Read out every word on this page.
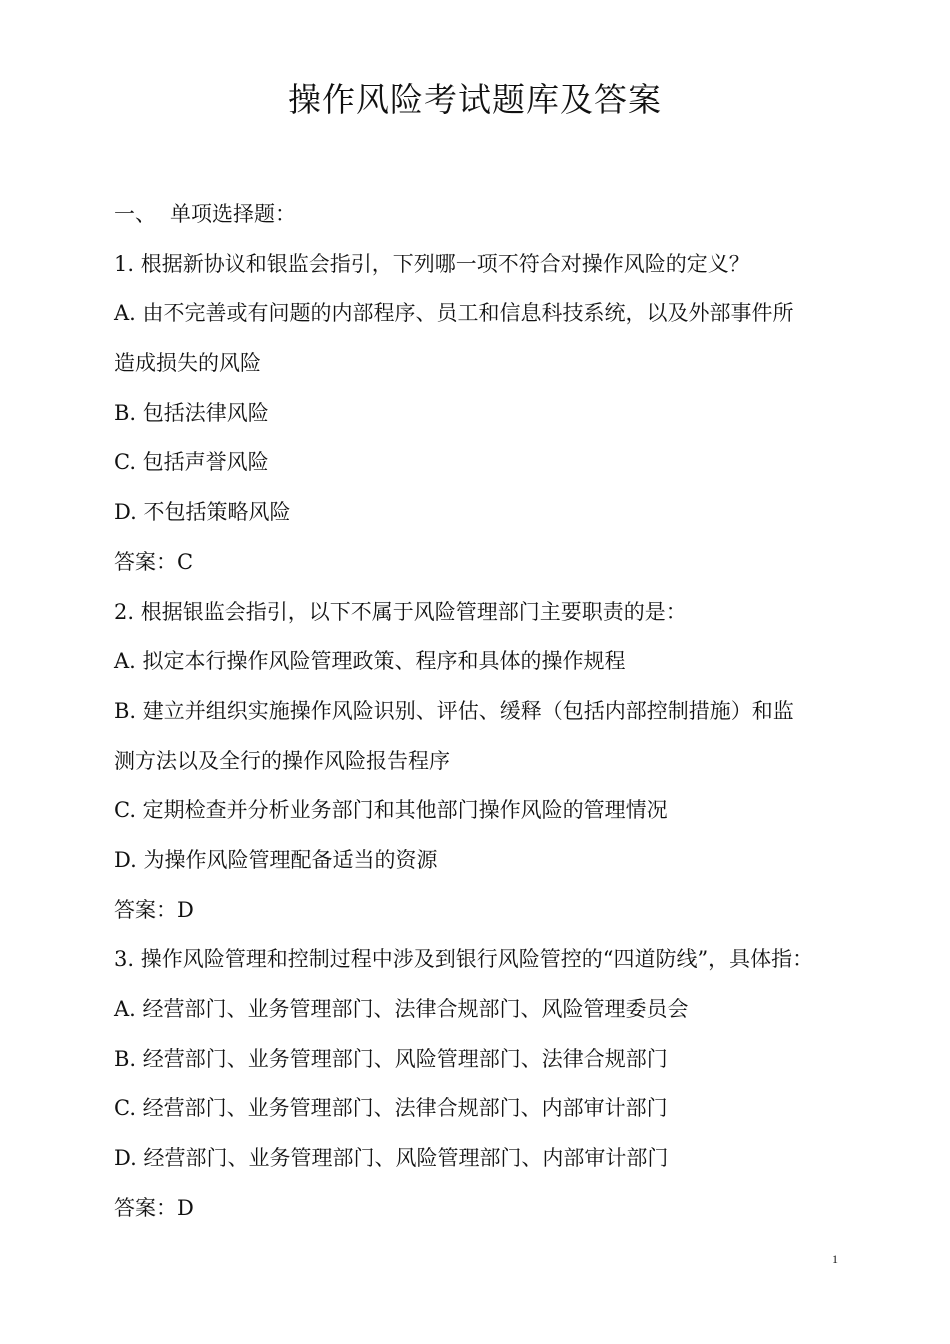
操作风险考试题库及答案
一、 单项选择题：
1. 根据新协议和银监会指引，下列哪一项不符合对操作风险的定义？
A. 由不完善或有问题的内部程序、员工和信息科技系统，以及外部事件所
造成损失的风险
B. 包括法律风险
C. 包括声誉风险
D. 不包括策略风险
答案：C
2. 根据银监会指引，以下不属于风险管理部门主要职责的是：
A. 拟定本行操作风险管理政策、程序和具体的操作规程
B. 建立并组织实施操作风险识别、评估、缓释（包括内部控制措施）和监
测方法以及全行的操作风险报告程序
C. 定期检查并分析业务部门和其他部门操作风险的管理情况
D. 为操作风险管理配备适当的资源
答案：D
3. 操作风险管理和控制过程中涉及到银行风险管控的“四道防线”，具体指：
A. 经营部门、业务管理部门、法律合规部门、风险管理委员会
B. 经营部门、业务管理部门、风险管理部门、法律合规部门
C. 经营部门、业务管理部门、法律合规部门、内部审计部门
D. 经营部门、业务管理部门、风险管理部门、内部审计部门
答案：D
1
